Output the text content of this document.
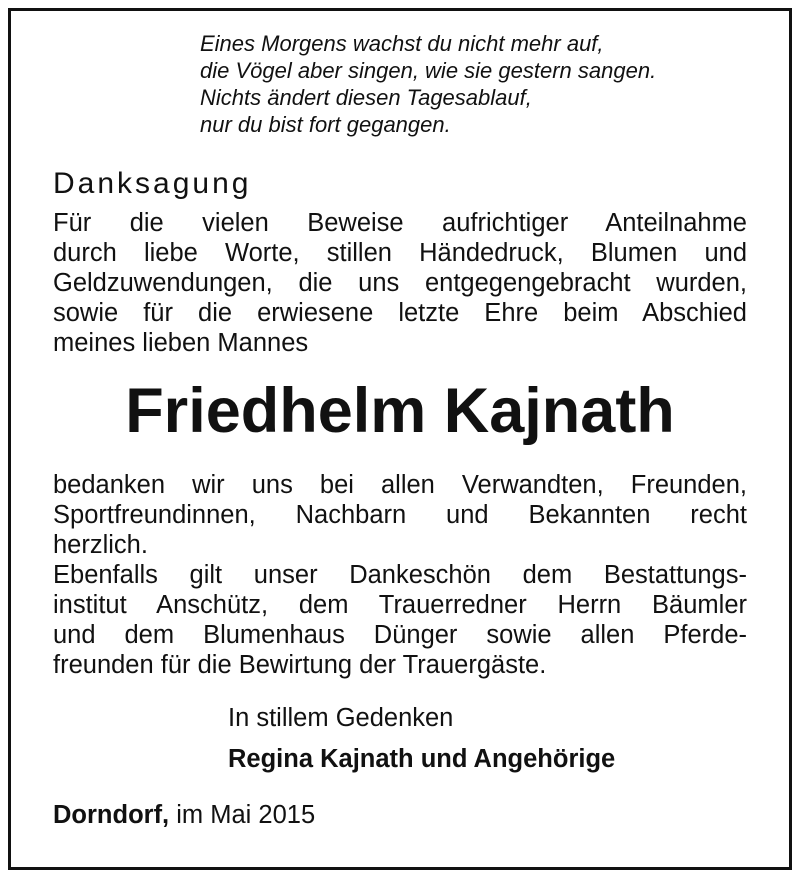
Eines Morgens wachst du nicht mehr auf,
die Vögel aber singen, wie sie gestern sangen.
Nichts ändert diesen Tagesablauf,
nur du bist fort gegangen.
Danksagung
Für die vielen Beweise aufrichtiger Anteilnahme
durch liebe Worte, stillen Händedruck, Blumen und
Geldzuwendungen, die uns entgegengebracht wurden,
sowie für die erwiesene letzte Ehre beim Abschied
meines lieben Mannes
Friedhelm Kajnath
bedanken wir uns bei allen Verwandten, Freunden,
Sportfreundinnen, Nachbarn und Bekannten recht
herzlich.
Ebenfalls gilt unser Dankeschön dem Bestattungs-
institut Anschütz, dem Trauerredner Herrn Bäumler
und dem Blumenhaus Dünger sowie allen Pferde-
freunden für die Bewirtung der Trauergäste.
In stillem Gedenken
Regina Kajnath und Angehörige
Dorndorf, im Mai 2015
